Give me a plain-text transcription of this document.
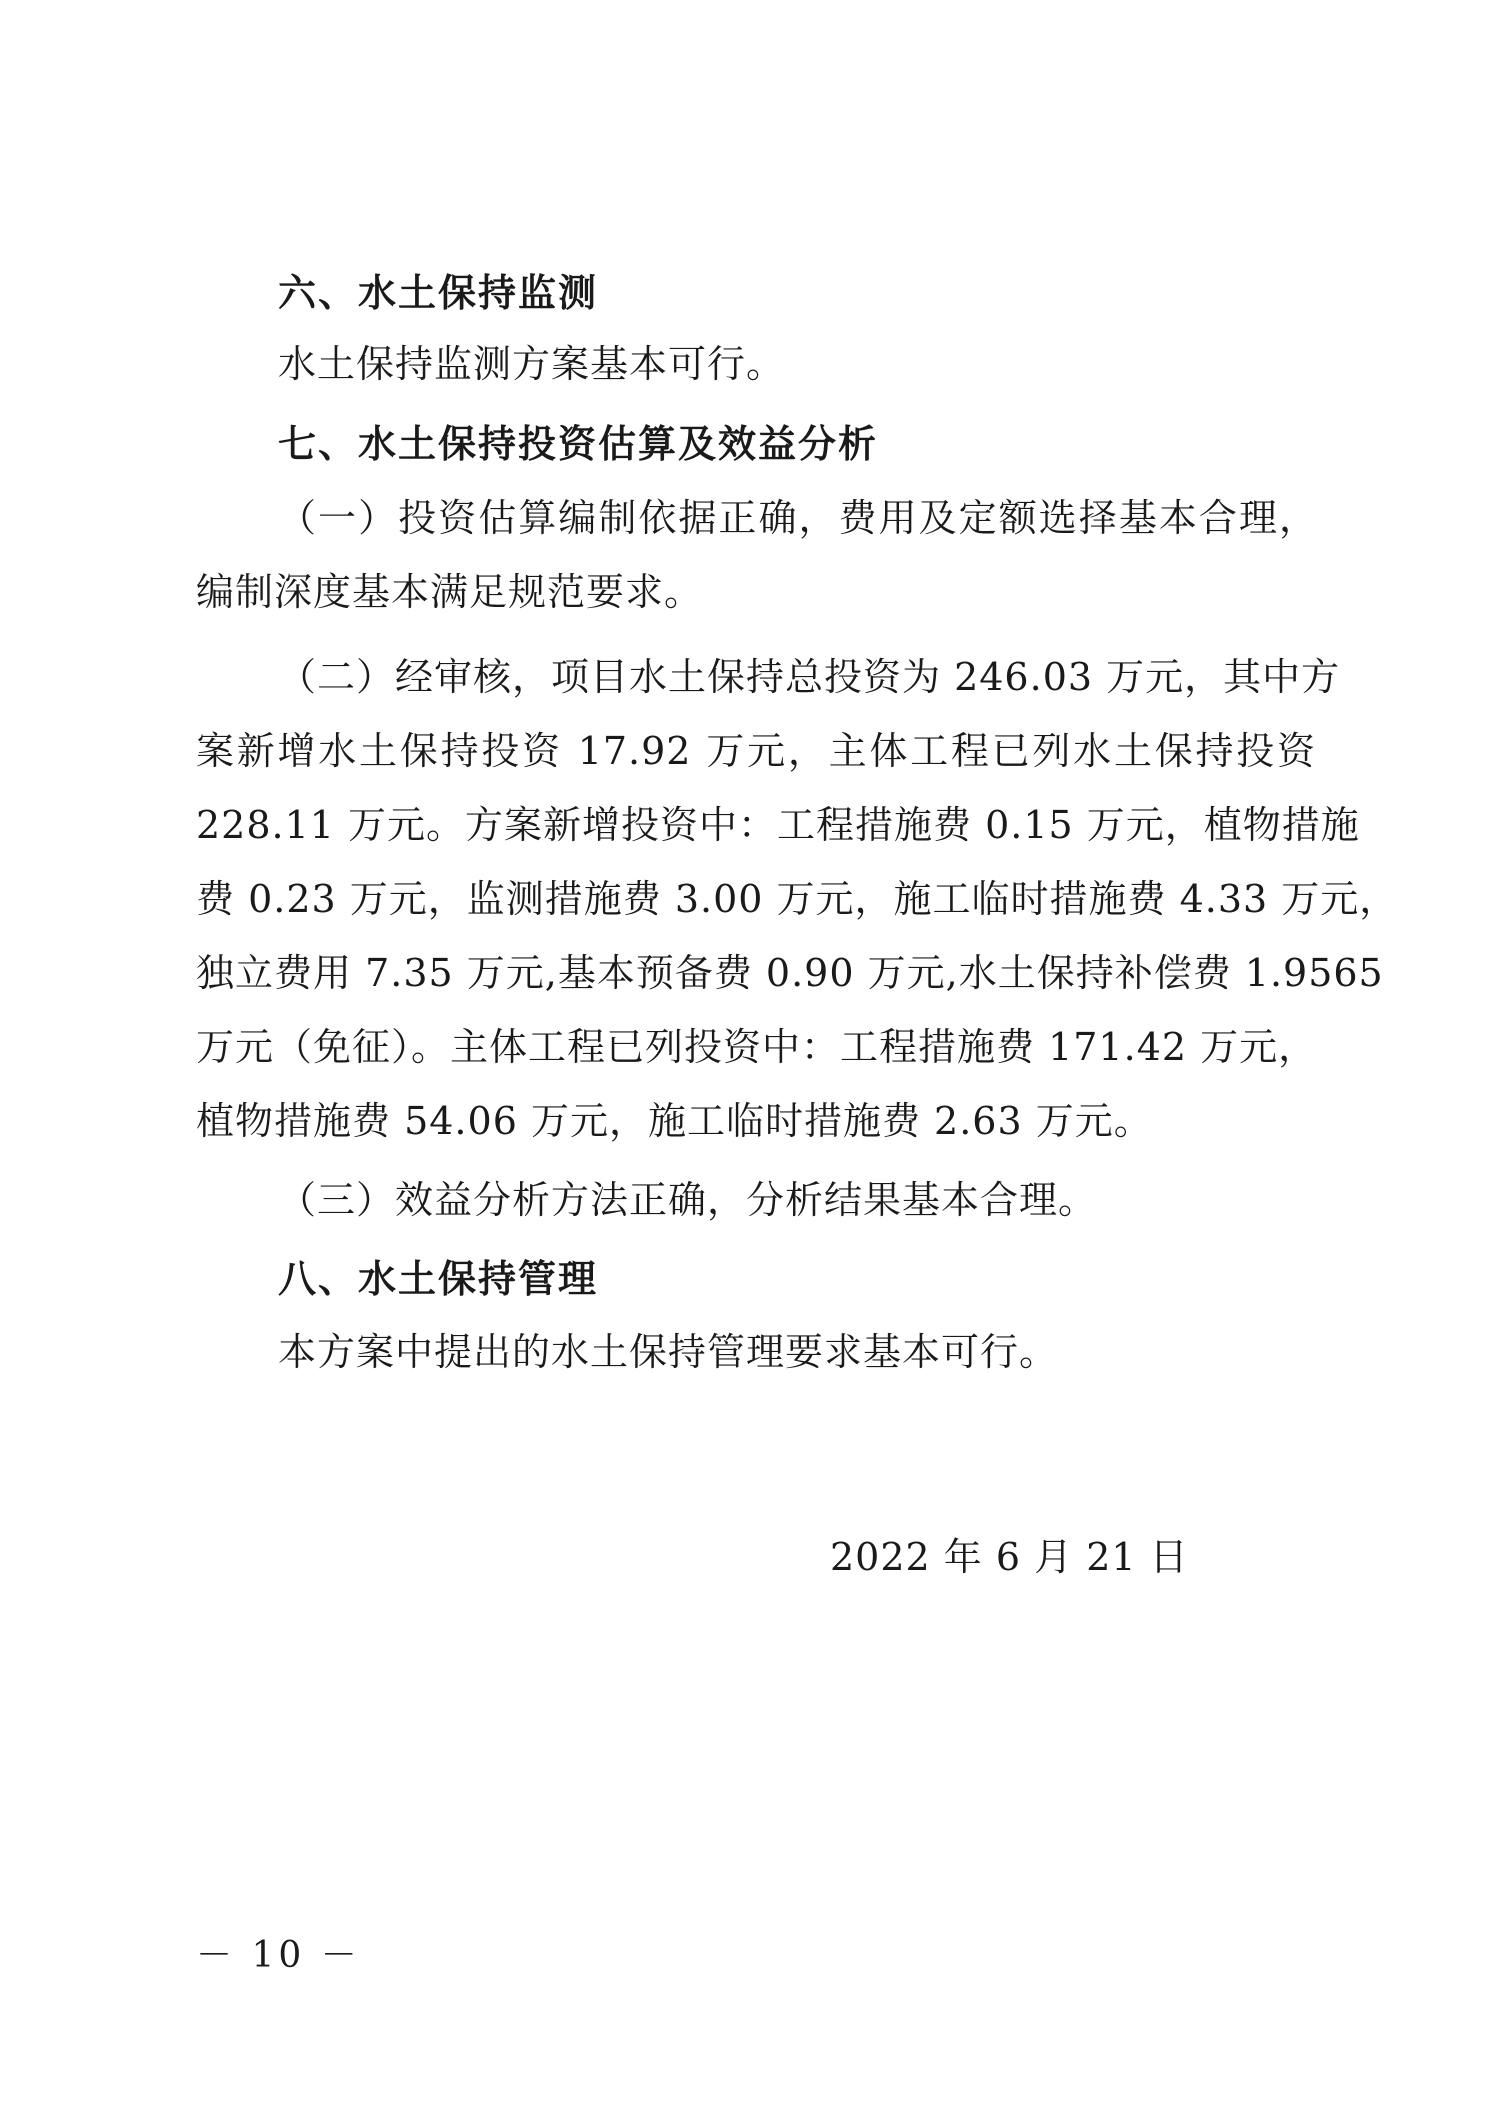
六、水土保持监测
水土保持监测方案基本可行。
七、水土保持投资估算及效益分析
（一）投资估算编制依据正确，费用及定额选择基本合理，
编制深度基本满足规范要求。
（二）经审核，项目水土保持总投资为 246.03 万元，其中方
案新增水土保持投资 17.92 万元，主体工程已列水土保持投资
228.11 万元。方案新增投资中：工程措施费 0.15 万元，植物措施
费 0.23 万元，监测措施费 3.00 万元，施工临时措施费 4.33 万元，
独立费用 7.35 万元,基本预备费 0.90 万元,水土保持补偿费 1.9565
万元（免征）。主体工程已列投资中：工程措施费 171.42 万元，
植物措施费 54.06 万元，施工临时措施费 2.63 万元。
（三）效益分析方法正确，分析结果基本合理。
八、水土保持管理
本方案中提出的水土保持管理要求基本可行。
2022 年 6 月 21 日
－ 10 －
